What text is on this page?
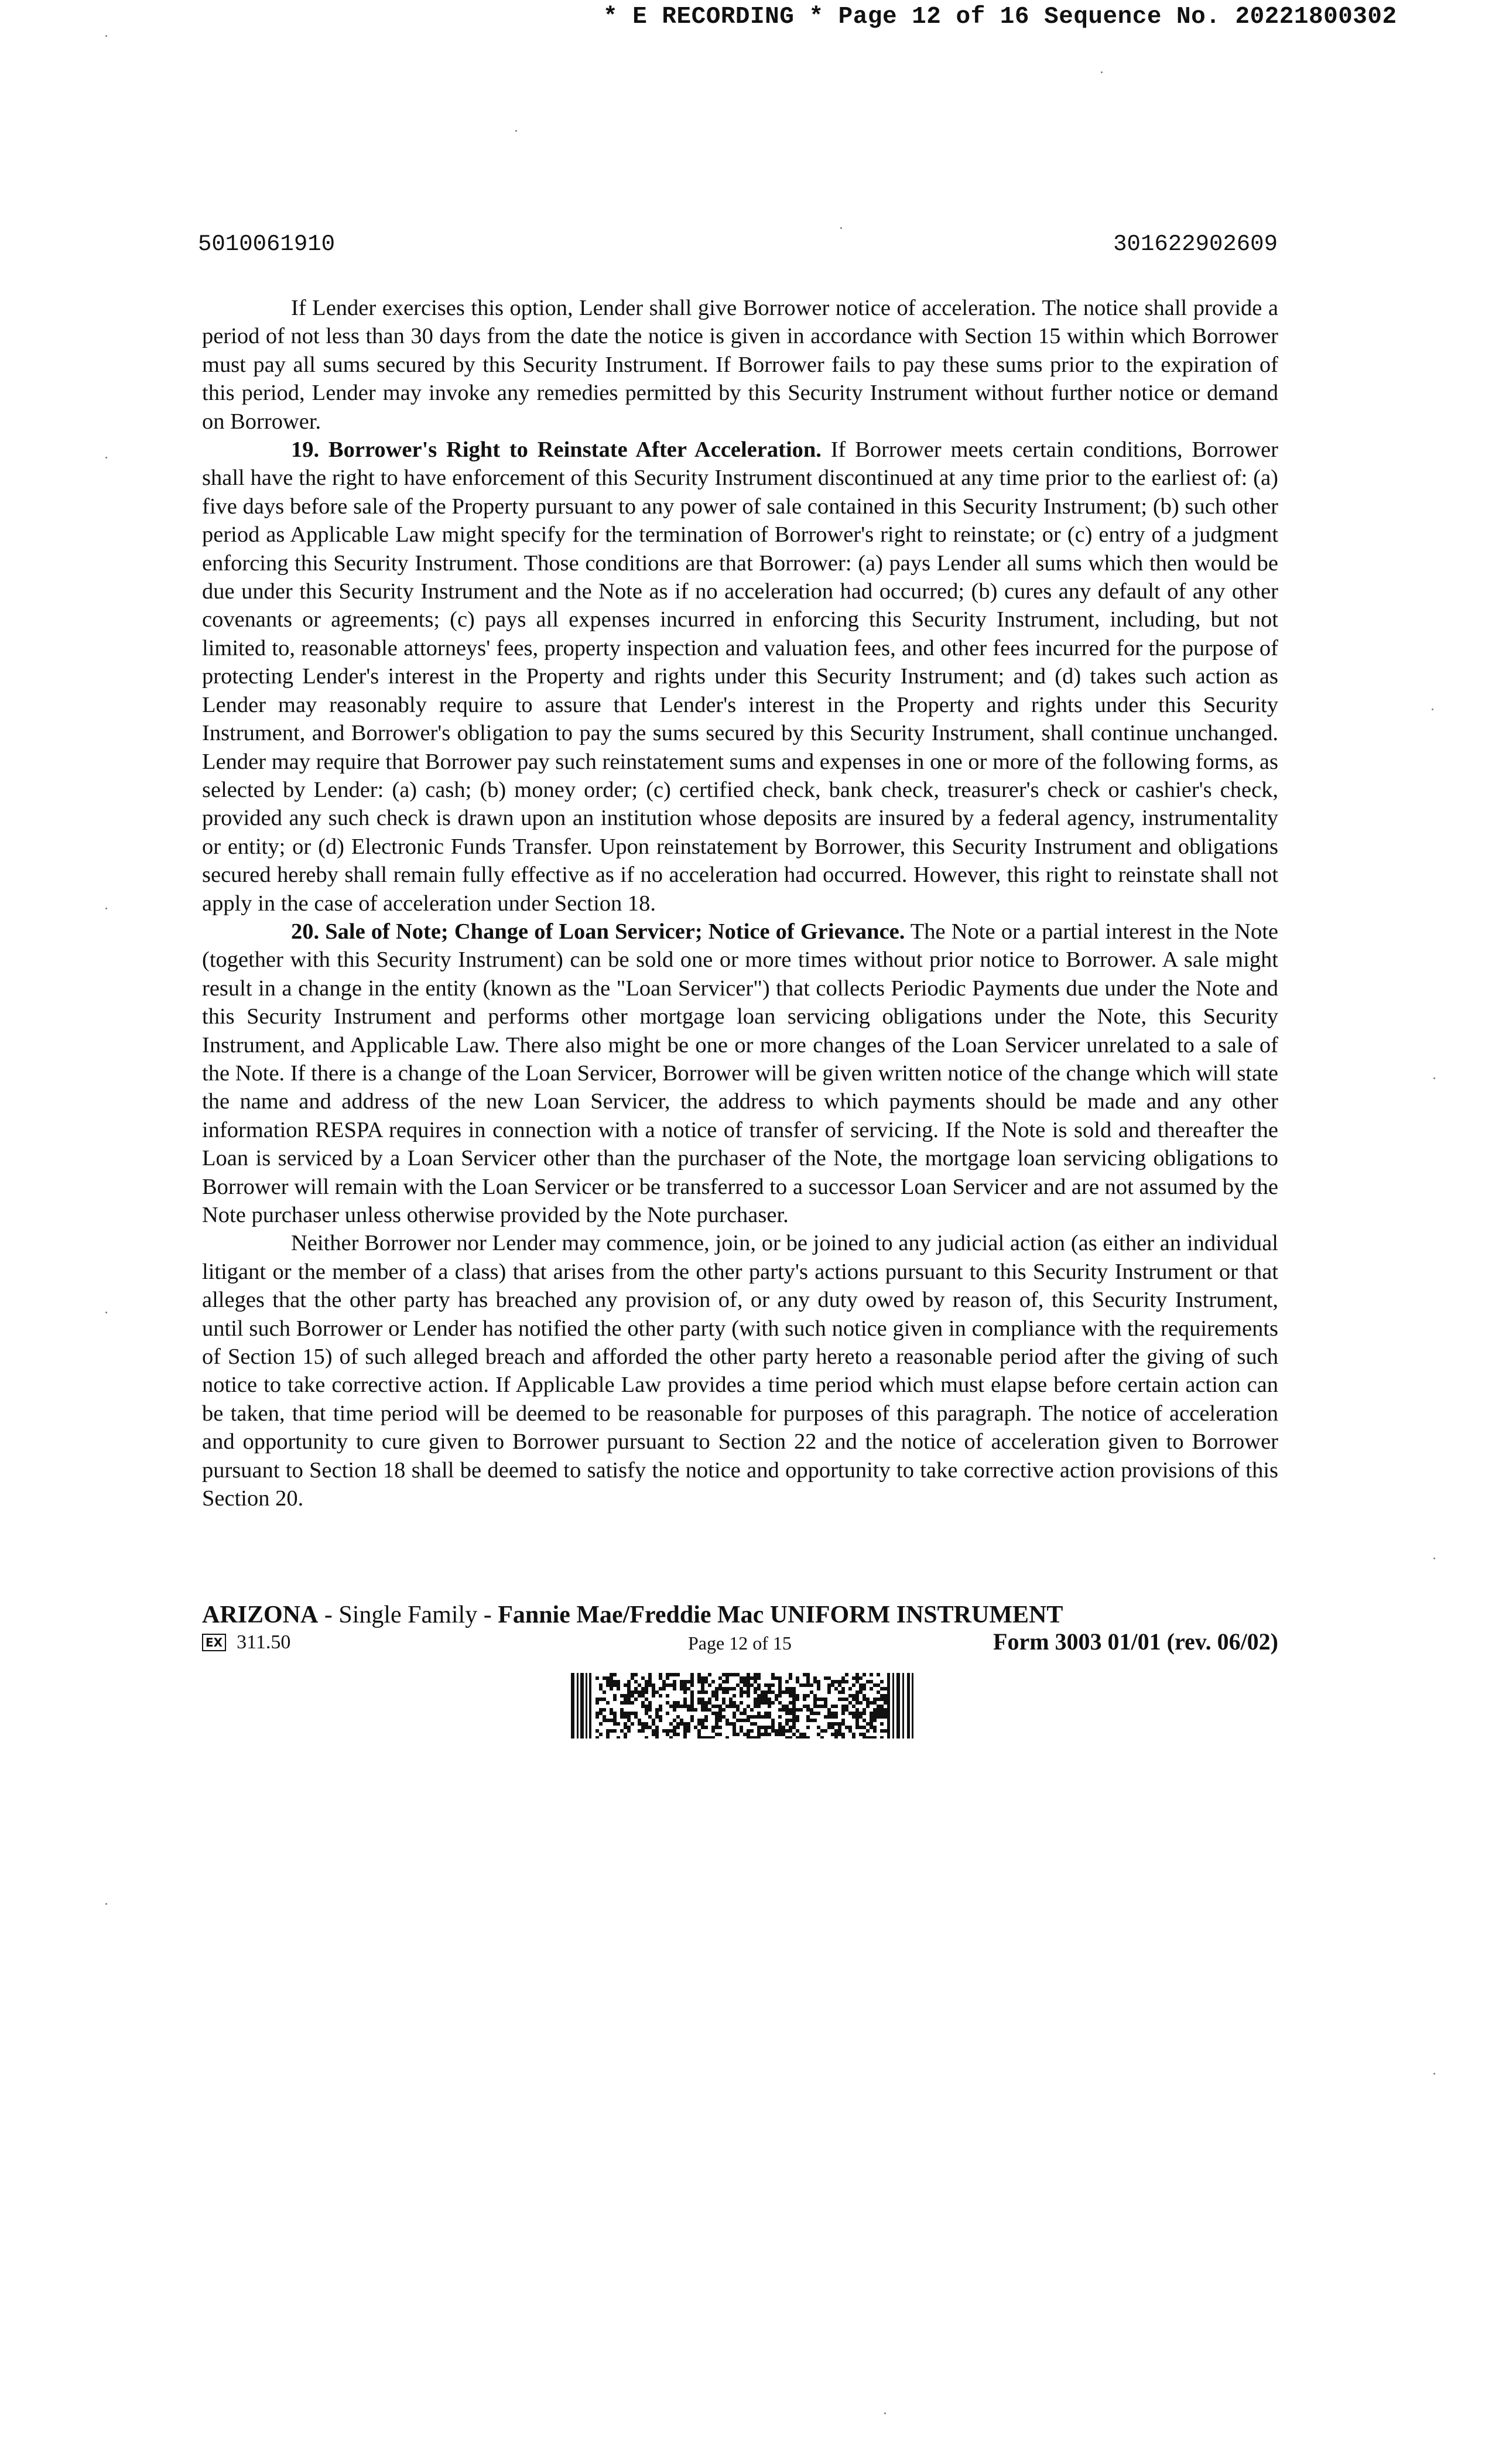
* E RECORDING * Page 12 of 16 Sequence No. 20221800302
5010061910	301622902609

If Lender exercises this option, Lender shall give Borrower notice of acceleration. The notice shall provide a period of not less than 30 days from the date the notice is given in accordance with Section 15 within which Borrower must pay all sums secured by this Security Instrument. If Borrower fails to pay these sums prior to the expiration of this period, Lender may invoke any remedies permitted by this Security Instrument without further notice or demand on Borrower.

19. Borrower's Right to Reinstate After Acceleration. If Borrower meets certain conditions, Borrower shall have the right to have enforcement of this Security Instrument discontinued at any time prior to the earliest of: (a) five days before sale of the Property pursuant to any power of sale contained in this Security Instrument; (b) such other period as Applicable Law might specify for the termination of Borrower's right to reinstate; or (c) entry of a judgment enforcing this Security Instrument. Those conditions are that Borrower: (a) pays Lender all sums which then would be due under this Security Instrument and the Note as if no acceleration had occurred; (b) cures any default of any other covenants or agreements; (c) pays all expenses incurred in enforcing this Security Instrument, including, but not limited to, reasonable attorneys' fees, property inspection and valuation fees, and other fees incurred for the purpose of protecting Lender's interest in the Property and rights under this Security Instrument; and (d) takes such action as Lender may reasonably require to assure that Lender's interest in the Property and rights under this Security Instrument, and Borrower's obligation to pay the sums secured by this Security Instrument, shall continue unchanged. Lender may require that Borrower pay such reinstatement sums and expenses in one or more of the following forms, as selected by Lender: (a) cash; (b) money order; (c) certified check, bank check, treasurer's check or cashier's check, provided any such check is drawn upon an institution whose deposits are insured by a federal agency, instrumentality or entity; or (d) Electronic Funds Transfer. Upon reinstatement by Borrower, this Security Instrument and obligations secured hereby shall remain fully effective as if no acceleration had occurred. However, this right to reinstate shall not apply in the case of acceleration under Section 18.

20. Sale of Note; Change of Loan Servicer; Notice of Grievance. The Note or a partial interest in the Note (together with this Security Instrument) can be sold one or more times without prior notice to Borrower. A sale might result in a change in the entity (known as the "Loan Servicer") that collects Periodic Payments due under the Note and this Security Instrument and performs other mortgage loan servicing obligations under the Note, this Security Instrument, and Applicable Law. There also might be one or more changes of the Loan Servicer unrelated to a sale of the Note. If there is a change of the Loan Servicer, Borrower will be given written notice of the change which will state the name and address of the new Loan Servicer, the address to which payments should be made and any other information RESPA requires in connection with a notice of transfer of servicing. If the Note is sold and thereafter the Loan is serviced by a Loan Servicer other than the purchaser of the Note, the mortgage loan servicing obligations to Borrower will remain with the Loan Servicer or be transferred to a successor Loan Servicer and are not assumed by the Note purchaser unless otherwise provided by the Note purchaser.

Neither Borrower nor Lender may commence, join, or be joined to any judicial action (as either an individual litigant or the member of a class) that arises from the other party's actions pursuant to this Security Instrument or that alleges that the other party has breached any provision of, or any duty owed by reason of, this Security Instrument, until such Borrower or Lender has notified the other party (with such notice given in compliance with the requirements of Section 15) of such alleged breach and afforded the other party hereto a reasonable period after the giving of such notice to take corrective action. If Applicable Law provides a time period which must elapse before certain action can be taken, that time period will be deemed to be reasonable for purposes of this paragraph. The notice of acceleration and opportunity to cure given to Borrower pursuant to Section 22 and the notice of acceleration given to Borrower pursuant to Section 18 shall be deemed to satisfy the notice and opportunity to take corrective action provisions of this Section 20.

ARIZONA - Single Family - Fannie Mae/Freddie Mac UNIFORM INSTRUMENT
EX 311.50	Page 12 of 15	Form 3003 01/01 (rev. 06/02)
